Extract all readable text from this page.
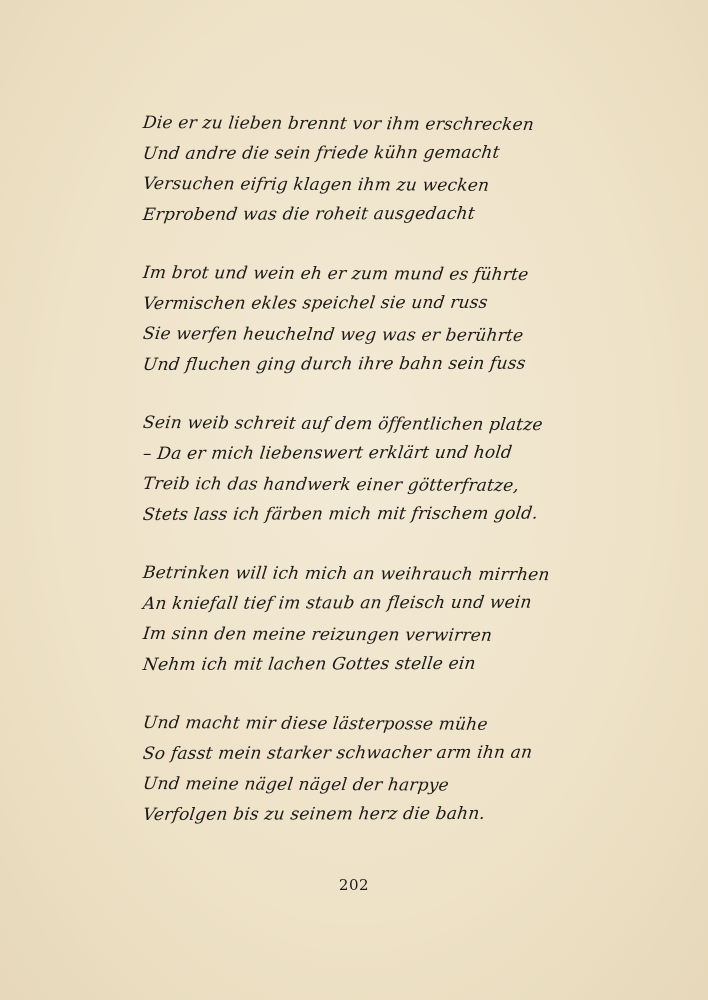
Die er zu lieben brennt vor ihm erschrecken
Und andre die sein friede kühn gemacht
Versuchen eifrig klagen ihm zu wecken
Erprobend was die roheit ausgedacht
Im brot und wein eh er zum mund es führte
Vermischen ekles speichel sie und russ
Sie werfen heuchelnd weg was er berührte
Und fluchen ging durch ihre bahn sein fuss
Sein weib schreit auf dem öffentlichen platze
– Da er mich liebenswert erklärt und hold
Treib ich das handwerk einer götterfratze,
Stets lass ich färben mich mit frischem gold.
Betrinken will ich mich an weihrauch mirrhen
An kniefall tief im staub an fleisch und wein
Im sinn den meine reizungen verwirren
Nehm ich mit lachen Gottes stelle ein
Und macht mir diese lästerposse mühe
So fasst mein starker schwacher arm ihn an
Und meine nägel nägel der harpye
Verfolgen bis zu seinem herz die bahn.
202
